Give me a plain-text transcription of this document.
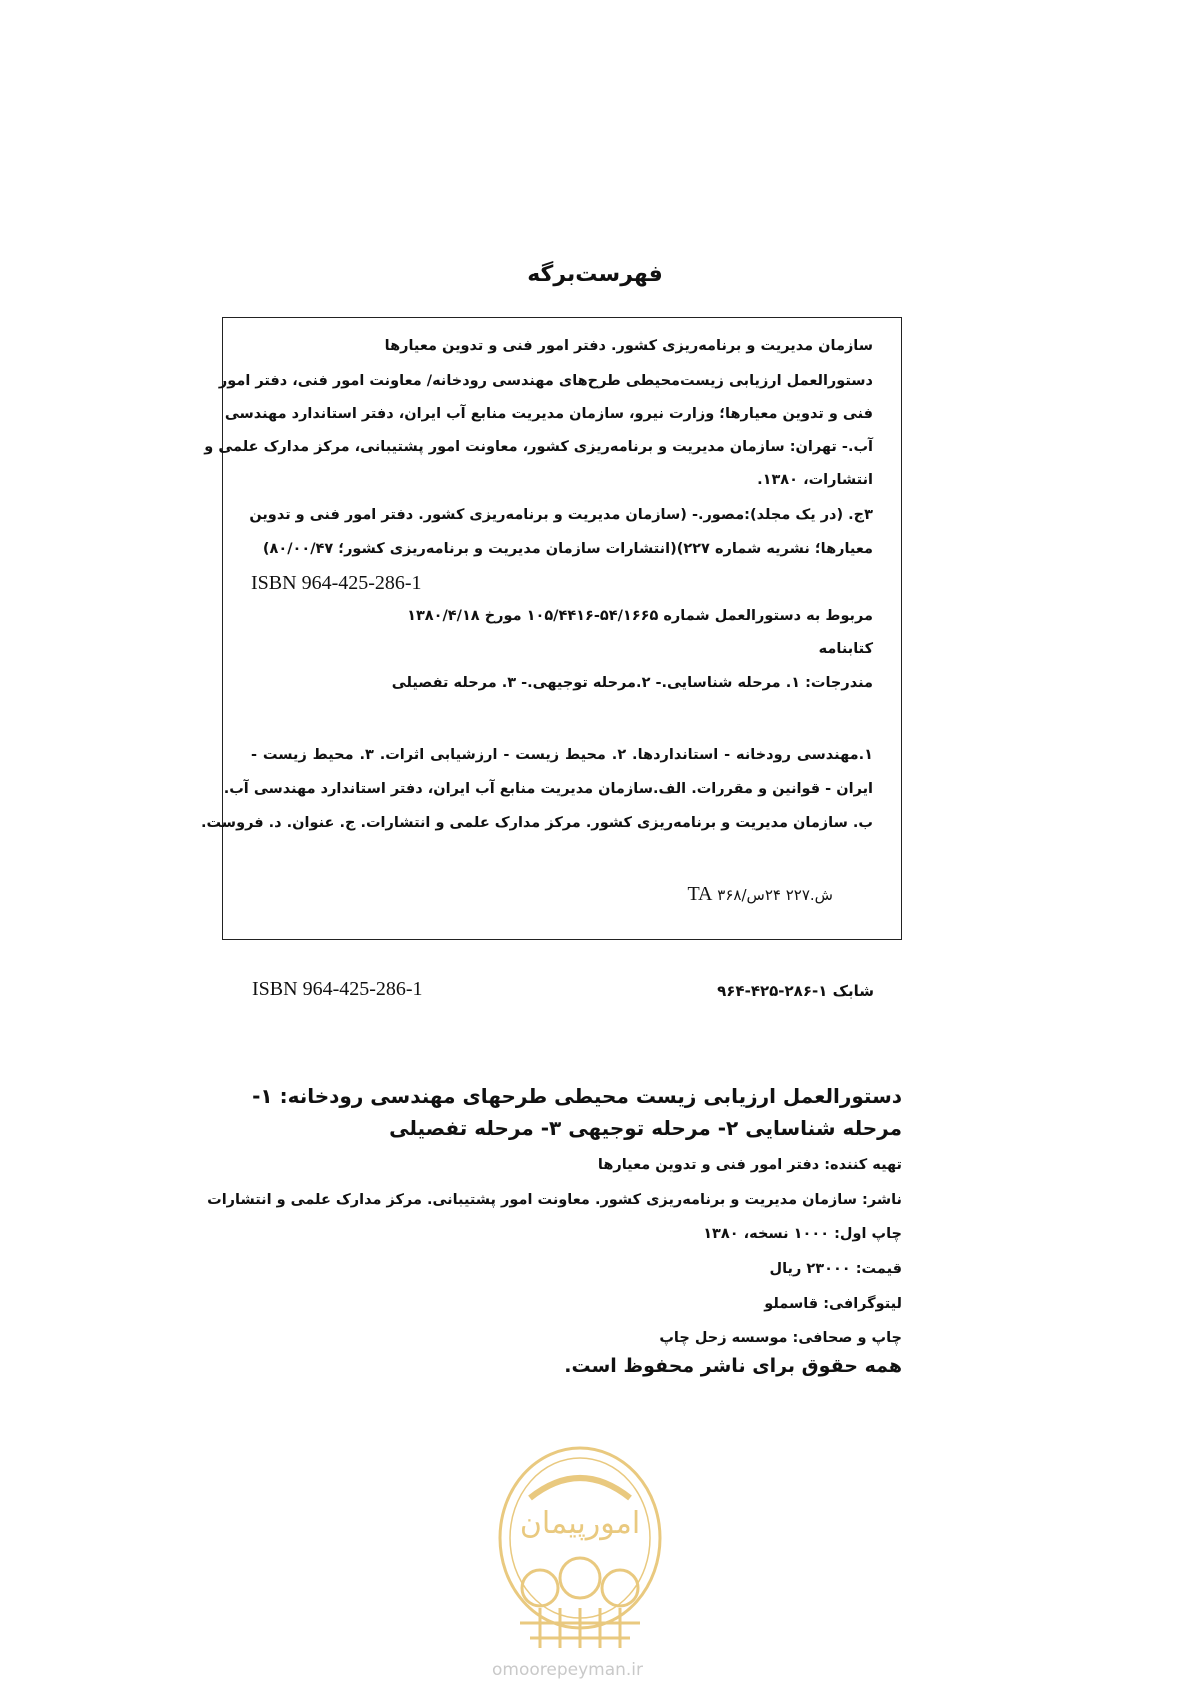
فهرست‌برگه
سازمان مدیریت و برنامه‌ریزی کشور. دفتر امور فنی و تدوین معیارها
دستورالعمل ارزیابی زیست‌محیطی طرح‌های مهندسی رودخانه/ معاونت امور فنی، دفتر امور
فنی و تدوین معیارها؛ وزارت نیرو، سازمان مدیریت منابع آب ایران، دفتر استاندارد مهندسی
آب.- تهران: سازمان مدیریت و برنامه‌ریزی کشور، معاونت امور پشتیبانی، مرکز مدارک علمی و
انتشارات، ۱۳۸۰.
۳ج. (در یک مجلد):مصور.- (سازمان مدیریت و برنامه‌ریزی کشور. دفتر امور فنی و تدوین
معیارها؛ نشریه شماره ۲۲۷)(انتشارات سازمان مدیریت و برنامه‌ریزی کشور؛ ۸۰/۰۰/۴۷)
ISBN 964-425-286-1
مربوط به دستورالعمل شماره ۵۴/۱۶۶۵-۱۰۵/۴۴۱۶ مورخ ۱۳۸۰/۴/۱۸
کتابنامه
مندرجات: ۱. مرحله شناسایی.- ۲.مرحله توجیهی.- ۳. مرحله تفصیلی
۱.مهندسی رودخانه - استانداردها. ۲. محیط زیست - ارزشیابی اثرات. ۳. محیط زیست -
ایران - قوانین و مقررات. الف.سازمان مدیریت منابع آب ایران، دفتر استاندارد مهندسی آب.
ب. سازمان مدیریت و برنامه‌ریزی کشور. مرکز مدارک علمی و انتشارات. ج. عنوان. د. فروست.
ش.۲۲۷ ۲۴س/۳۶۸ TA
ISBN 964-425-286-1	شابک ۱-۲۸۶-۴۲۵-۹۶۴
دستورالعمل ارزیابی زیست محیطی طرحهای مهندسی رودخانه: ۱- مرحله شناسایی ۲- مرحله توجیهی ۳- مرحله تفصیلی
تهیه کننده: دفتر امور فنی و تدوین معیارها
ناشر: سازمان مدیریت و برنامه‌ریزی کشور. معاونت امور پشتیبانی. مرکز مدارک علمی و انتشارات
چاپ اول: ۱۰۰۰ نسخه، ۱۳۸۰
قیمت: ۲۳۰۰۰ ریال
لیتوگرافی: قاسملو
چاپ و صحافی: موسسه زحل چاپ
همه حقوق برای ناشر محفوظ است.
امورپیمان
omoorepeyman.ir
